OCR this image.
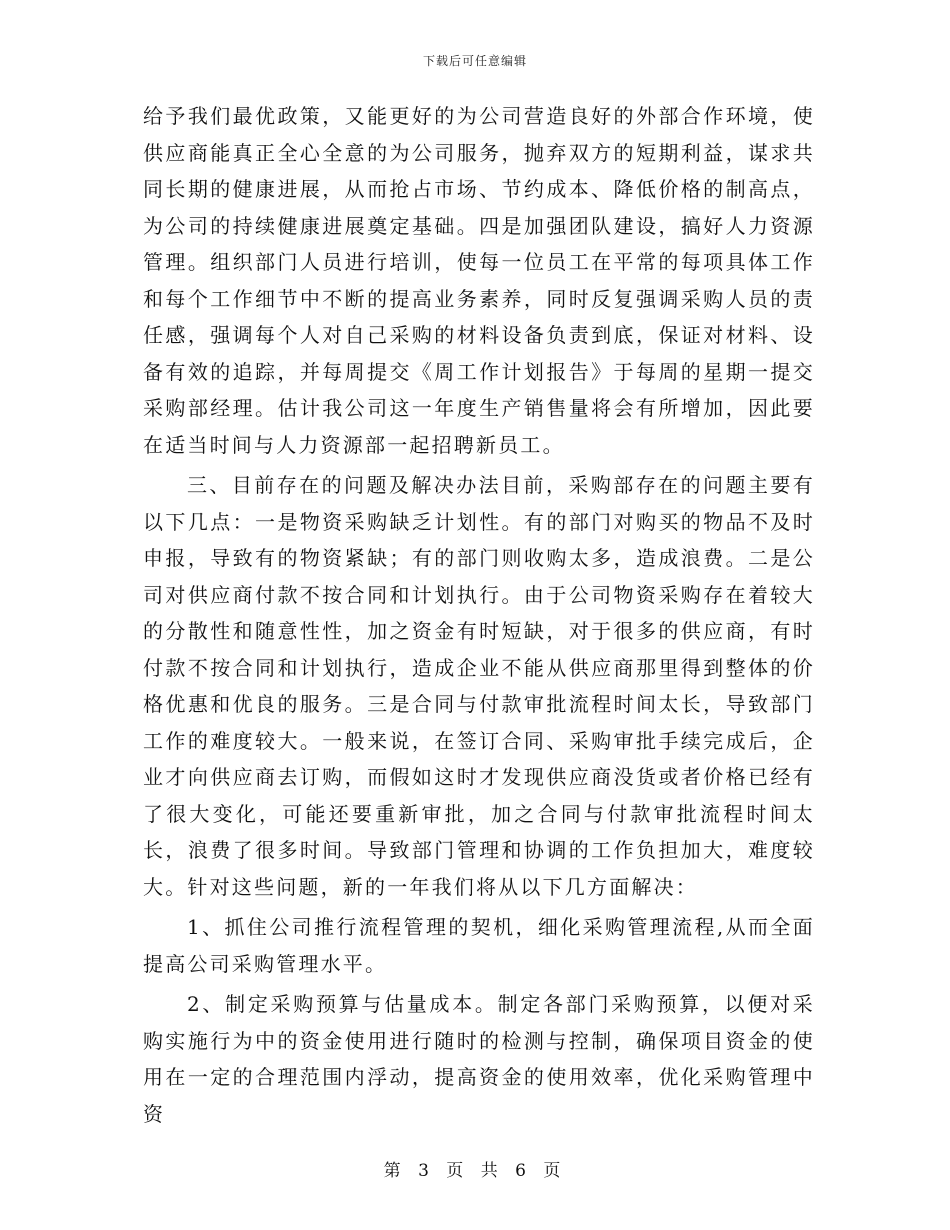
下载后可任意编辑

给予我们最优政策，又能更好的为公司营造良好的外部合作环境，使供应商能真正全心全意的为公司服务，抛弃双方的短期利益，谋求共同长期的健康进展，从而抢占市场、节约成本、降低价格的制高点，为公司的持续健康进展奠定基础。四是加强团队建设，搞好人力资源管理。组织部门人员进行培训，使每一位员工在平常的每项具体工作和每个工作细节中不断的提高业务素养，同时反复强调采购人员的责任感，强调每个人对自己采购的材料设备负责到底，保证对材料、设备有效的追踪，并每周提交《周工作计划报告》于每周的星期一提交采购部经理。估计我公司这一年度生产销售量将会有所增加，因此要在适当时间与人力资源部一起招聘新员工。

三、目前存在的问题及解决办法目前，采购部存在的问题主要有以下几点：一是物资采购缺乏计划性。有的部门对购买的物品不及时申报，导致有的物资紧缺；有的部门则收购太多，造成浪费。二是公司对供应商付款不按合同和计划执行。由于公司物资采购存在着较大的分散性和随意性性，加之资金有时短缺，对于很多的供应商，有时付款不按合同和计划执行，造成企业不能从供应商那里得到整体的价格优惠和优良的服务。三是合同与付款审批流程时间太长，导致部门工作的难度较大。一般来说，在签订合同、采购审批手续完成后，企业才向供应商去订购，而假如这时才发现供应商没货或者价格已经有了很大变化，可能还要重新审批，加之合同与付款审批流程时间太长，浪费了很多时间。导致部门管理和协调的工作负担加大，难度较大。针对这些问题，新的一年我们将从以下几方面解决：

1、抓住公司推行流程管理的契机，细化采购管理流程,从而全面提高公司采购管理水平。

2、制定采购预算与估量成本。制定各部门采购预算，以便对采购实施行为中的资金使用进行随时的检测与控制，确保项目资金的使用在一定的合理范围内浮动，提高资金的使用效率，优化采购管理中资

第 3 页 共 6 页
